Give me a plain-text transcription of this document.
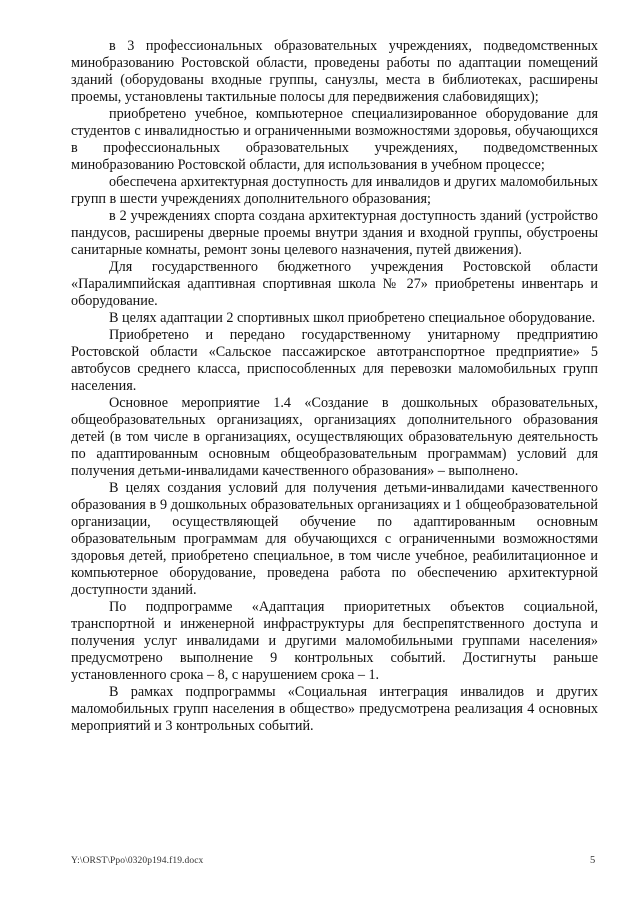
в 3 профессиональных образовательных учреждениях, подведомственных минобразованию Ростовской области, проведены работы по адаптации помещений зданий (оборудованы входные группы, санузлы, места в библиотеках, расширены проемы, установлены тактильные полосы для передвижения слабовидящих);

приобретено учебное, компьютерное специализированное оборудование для студентов с инвалидностью и ограниченными возможностями здоровья, обучающихся в профессиональных образовательных учреждениях, подведомственных минобразованию Ростовской области, для использования в учебном процессе;

обеспечена архитектурная доступность для инвалидов и других маломобильных групп в шести учреждениях дополнительного образования;

в 2 учреждениях спорта создана архитектурная доступность зданий (устройство пандусов, расширены дверные проемы внутри здания и входной группы, обустроены санитарные комнаты, ремонт зоны целевого назначения, путей движения).

Для государственного бюджетного учреждения Ростовской области «Паралимпийская адаптивная спортивная школа № 27» приобретены инвентарь и оборудование.

В целях адаптации 2 спортивных школ приобретено специальное оборудование.

Приобретено и передано государственному унитарному предприятию Ростовской области «Сальское пассажирское автотранспортное предприятие» 5 автобусов среднего класса, приспособленных для перевозки маломобильных групп населения.

Основное мероприятие 1.4 «Создание в дошкольных образовательных, общеобразовательных организациях, организациях дополнительного образования детей (в том числе в организациях, осуществляющих образовательную деятельность по адаптированным основным общеобразовательным программам) условий для получения детьми-инвалидами качественного образования» – выполнено.

В целях создания условий для получения детьми-инвалидами качественного образования в 9 дошкольных образовательных организациях и 1 общеобразовательной организации, осуществляющей обучение по адаптированным основным образовательным программам для обучающихся с ограниченными возможностями здоровья детей, приобретено специальное, в том числе учебное, реабилитационное и компьютерное оборудование, проведена работа по обеспечению архитектурной доступности зданий.

По подпрограмме «Адаптация приоритетных объектов социальной, транспортной и инженерной инфраструктуры для беспрепятственного доступа и получения услуг инвалидами и другими маломобильными группами населения» предусмотрено выполнение 9 контрольных событий. Достигнуты раньше установленного срока – 8, с нарушением срока – 1.

В рамках подпрограммы «Социальная интеграция инвалидов и других маломобильных групп населения в общество» предусмотрена реализация 4 основных мероприятий и 3 контрольных событий.

Y:\ORST\Ppo\0320p194.f19.docx	5
